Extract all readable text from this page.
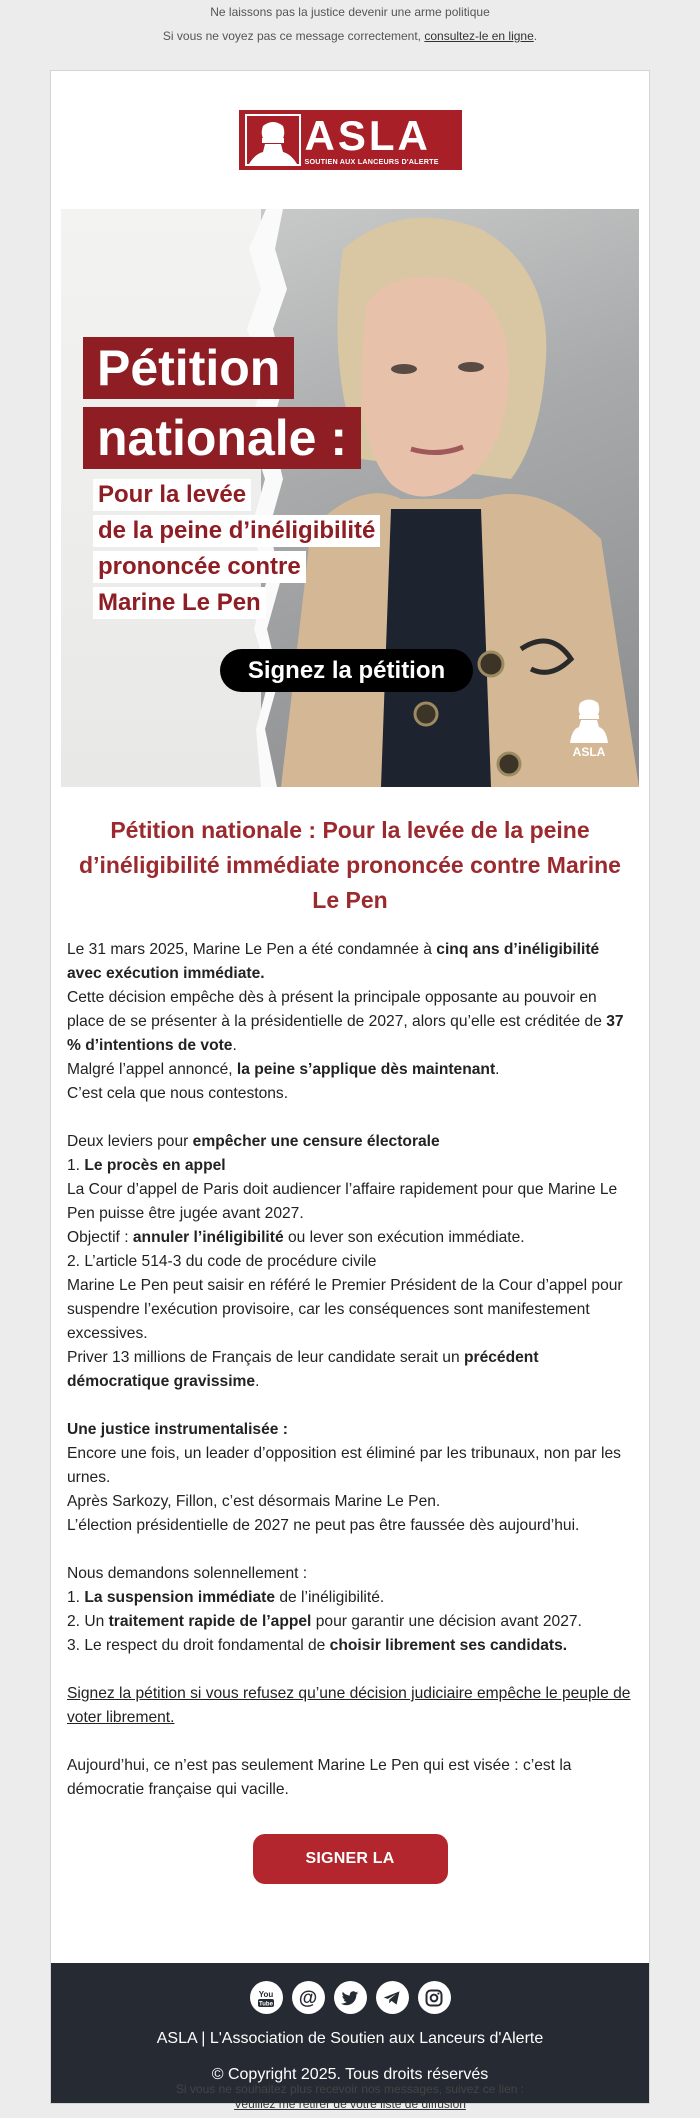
Ne laissons pas la justice devenir une arme politique
Si vous ne voyez pas ce message correctement, consultez-le en ligne.
ASLA
SOUTIEN AUX LANCEURS D'ALERTE
Pétition
nationale :
Pour la levée
de la peine d’inéligibilité
prononcée contre
Marine Le Pen
Signez la pétition
ASLA
Pétition nationale : Pour la levée de la peine d’inéligibilité immédiate prononcée contre Marine Le Pen

Le 31 mars 2025, Marine Le Pen a été condamnée à cinq ans d’inéligibilité avec exécution immédiate.

Cette décision empêche dès à présent la principale opposante au pouvoir en place de se présenter à la présidentielle de 2027, alors qu’elle est créditée de 37 % d’intentions de vote.

Malgré l’appel annoncé, la peine s’applique dès maintenant.

C’est cela que nous contestons.

Deux leviers pour empêcher une censure électorale

1. Le procès en appel

La Cour d’appel de Paris doit audiencer l’affaire rapidement pour que Marine Le Pen puisse être jugée avant 2027.

Objectif : annuler l’inéligibilité ou lever son exécution immédiate.

2. L’article 514-3 du code de procédure civile

Marine Le Pen peut saisir en référé le Premier Président de la Cour d’appel pour suspendre l’exécution provisoire, car les conséquences sont manifestement excessives.

Priver 13 millions de Français de leur candidate serait un précédent démocratique gravissime.

Une justice instrumentalisée :

Encore une fois, un leader d’opposition est éliminé par les tribunaux, non par les urnes.

Après Sarkozy, Fillon, c’est désormais Marine Le Pen.

L’élection présidentielle de 2027 ne peut pas être faussée dès aujourd’hui.

Nous demandons solennellement :

1. La suspension immédiate de l’inéligibilité.

2. Un traitement rapide de l’appel pour garantir une décision avant 2027.

3. Le respect du droit fondamental de choisir librement ses candidats.

Signez la pétition si vous refusez qu’une décision judiciaire empêche le peuple de voter librement.

Aujourd’hui, ce n’est pas seulement Marine Le Pen qui est visée : c’est la démocratie française qui vacille.

SIGNER LA PÉTITION
You
Tube @
ASLA | L'Association de Soutien aux Lanceurs d'Alerte
© Copyright 2025. Tous droits réservés
Si vous ne souhaitez plus recevoir nos messages, suivez ce lien :
Veuillez me retirer de votre liste de diffusion
